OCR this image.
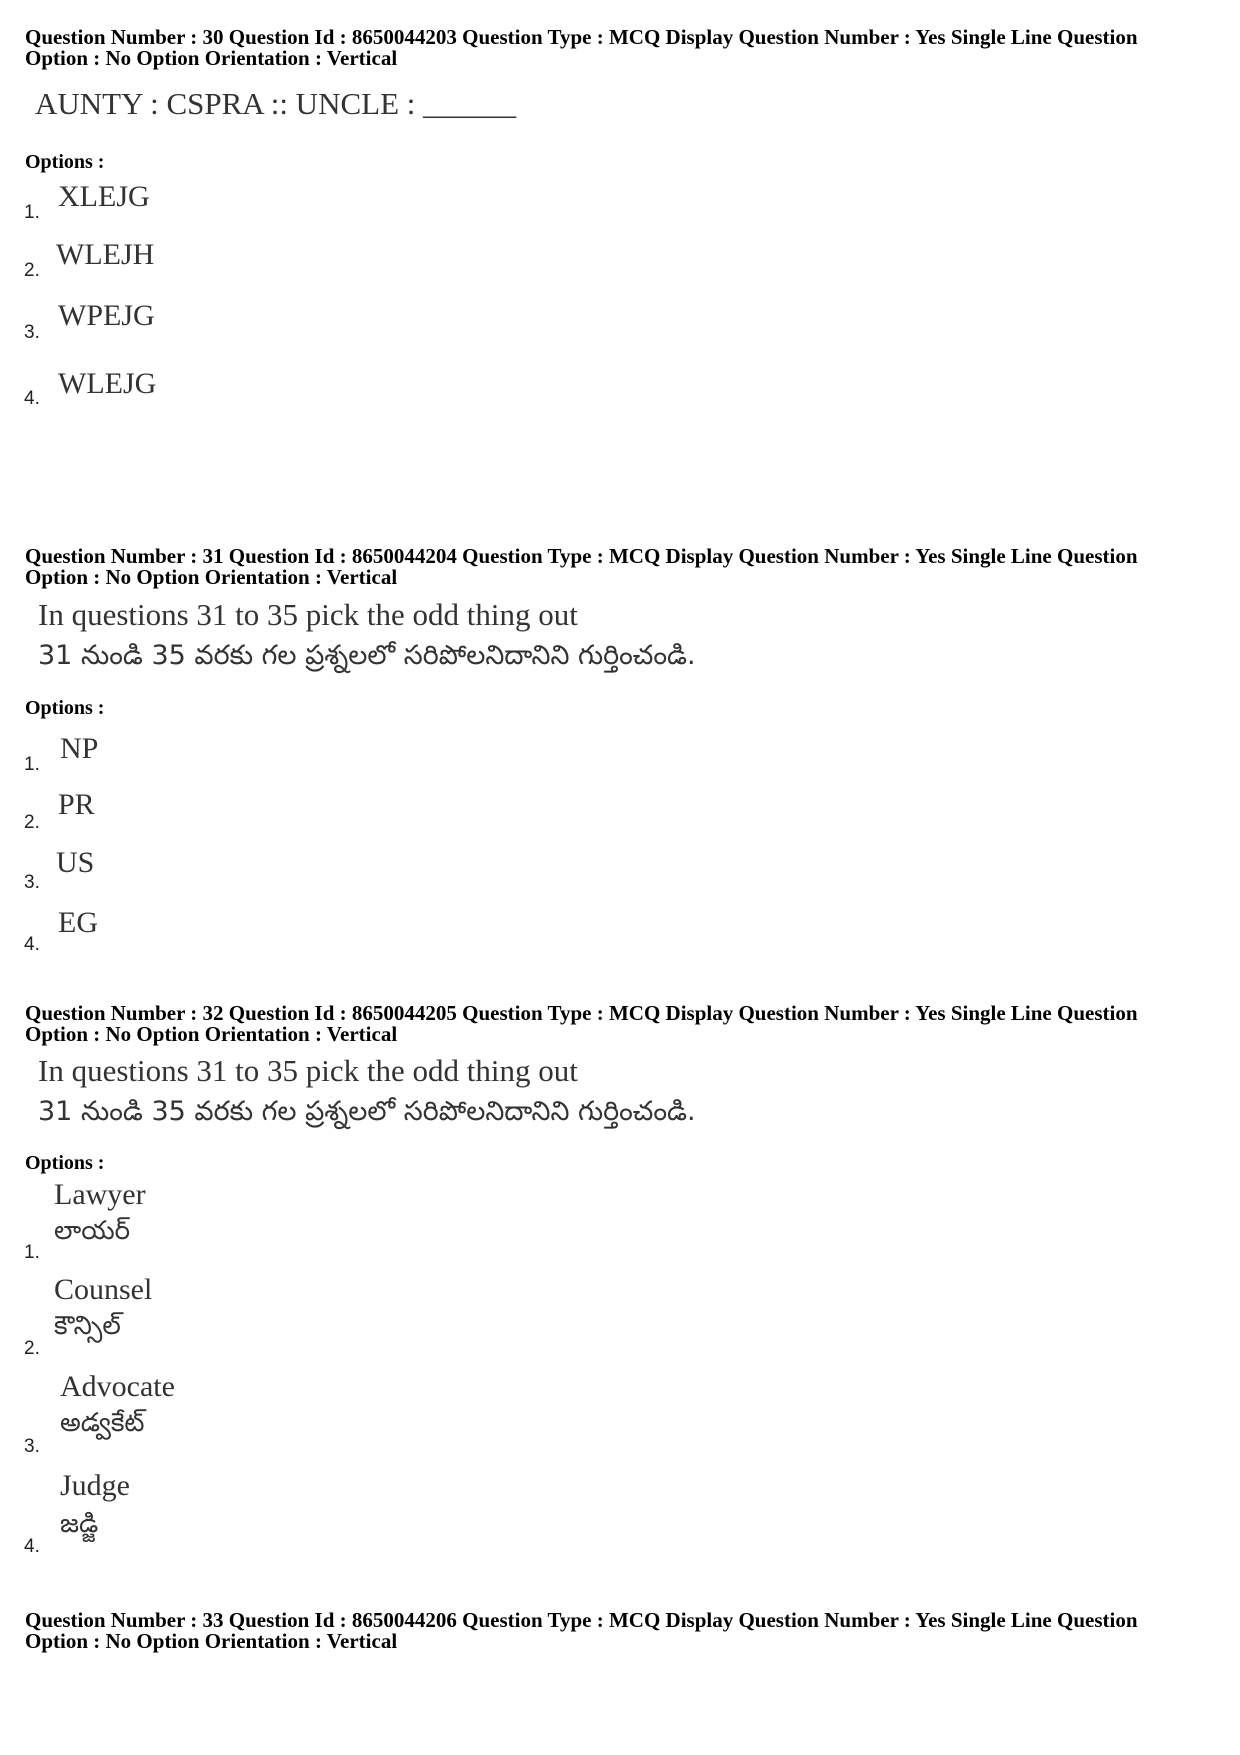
Question Number : 30 Question Id : 8650044203 Question Type : MCQ Display Question Number : Yes Single Line Question
Option : No Option Orientation : Vertical
AUNTY : CSPRA :: UNCLE : ______
Options :
1. XLEJG
2. WLEJH
3.
WPEJG
4. WLEJG
Question Number : 31 Question Id : 8650044204 Question Type : MCQ Display Question Number : Yes Single Line Question
Option : No Option Orientation : Vertical
In questions 31 to 35 pick the odd thing out
31 నుండి 35 వరకు గల ప్రశ్నలలో సరిపోలనిదానిని గుర్తించండి.
Options :
1. NP
2.
PR
3.
US
4.
EG
Question Number : 32 Question Id : 8650044205 Question Type : MCQ Display Question Number : Yes Single Line Question
Option : No Option Orientation : Vertical
In questions 31 to 35 pick the odd thing out
31 నుండి 35 వరకు గల ప్రశ్నలలో సరిపోలనిదానిని గుర్తించండి.
Options :
1.
Lawyer
లాయర్
2.
Counsel
కౌన్సిల్
3.
Advocate
అడ్వకేట్
4.
Judge
జడ్జి
Question Number : 33 Question Id : 8650044206 Question Type : MCQ Display Question Number : Yes Single Line Question
Option : No Option Orientation : Vertical
